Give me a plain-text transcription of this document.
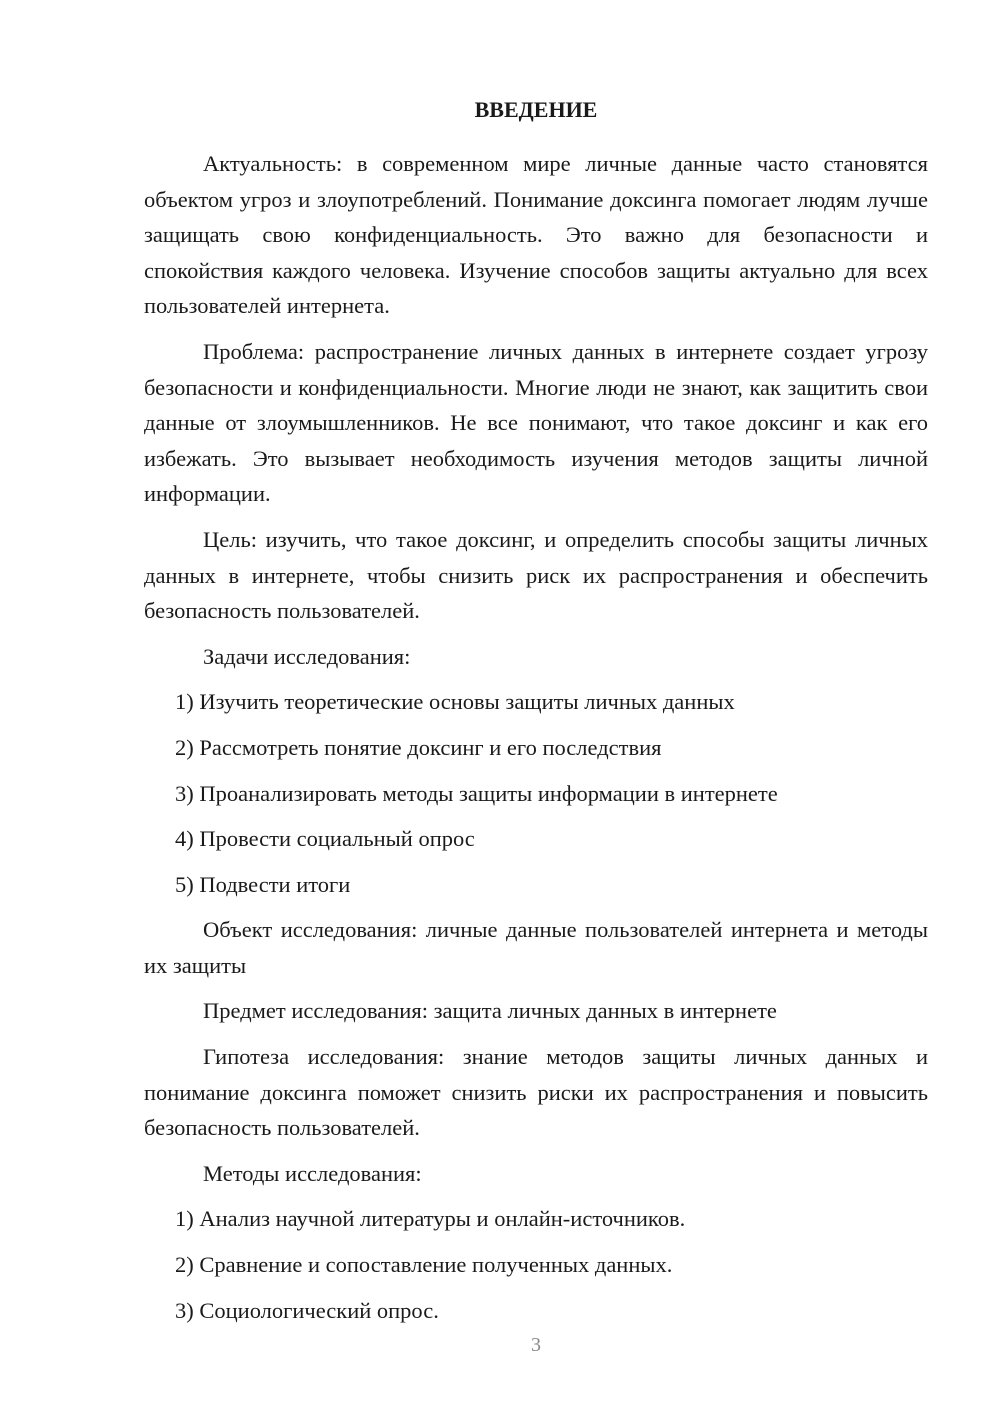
ВВЕДЕНИЕ

Актуальность: в современном мире личные данные часто становятся объектом угроз и злоупотреблений. Понимание доксинга помогает людям лучше защищать свою конфиденциальность. Это важно для безопасности и спокойствия каждого человека. Изучение способов защиты актуально для всех пользователей интернета.

Проблема: распространение личных данных в интернете создает угрозу безопасности и конфиденциальности. Многие люди не знают, как защитить свои данные от злоумышленников. Не все понимают, что такое доксинг и как его избежать. Это вызывает необходимость изучения методов защиты личной информации.

Цель: изучить, что такое доксинг, и определить способы защиты личных данных в интернете, чтобы снизить риск их распространения и обеспечить безопасность пользователей.

Задачи исследования:
1) Изучить теоретические основы защиты личных данных
2) Рассмотреть понятие доксинг и его последствия
3) Проанализировать методы защиты информации в интернете
4) Провести социальный опрос
5) Подвести итоги

Объект исследования: личные данные пользователей интернета и методы их защиты

Предмет исследования: защита личных данных в интернете

Гипотеза исследования: знание методов защиты личных данных и понимание доксинга поможет снизить риски их распространения и повысить безопасность пользователей.

Методы исследования:
1) Анализ научной литературы и онлайн-источников.
2) Сравнение и сопоставление полученных данных.
3) Социологический опрос.
3
